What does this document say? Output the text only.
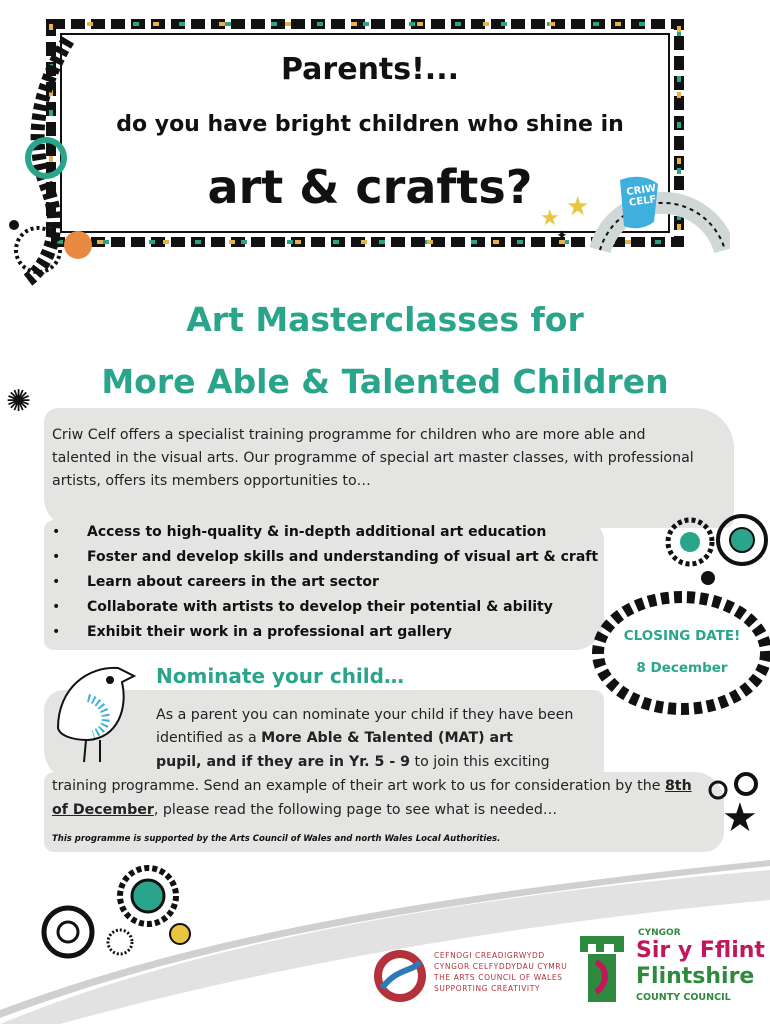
Parents!...
do you have bright children who shine in
art & crafts?	CRIW CELF
★ ★
✦
Art Masterclasses for
More Able & Talented Children
✺
Criw Celf offers a specialist training programme for children who are more able and
talented in the visual arts. Our programme of special art master classes, with professional
artists, offers its members opportunities to…
• Access to high-quality & in-depth additional art education
• Foster and develop skills and understanding of visual art & craft
• Learn about careers in the art sector
• Collaborate with artists to develop their potential & ability
• Exhibit their work in a professional art gallery	CLOSING DATE!
8 December
Nominate your child…
As a parent you can nominate your child if they have been
identified as a More Able & Talented (MAT) art
pupil, and if they are in Yr. 5 - 9 to join this exciting
training programme. Send an example of their art work to us for consideration by the 8th
of December, please read the following page to see what is needed…
This programme is supported by the Arts Council of Wales and north Wales Local Authorities.	★
CEFNOGI CREADIGRWYDD
CYNGOR CELFYDDYDAU CYMRU
THE ARTS COUNCIL OF WALES
SUPPORTING CREATIVITY
CYNGOR
Sir y Fflint
Flintshire
COUNTY COUNCIL
